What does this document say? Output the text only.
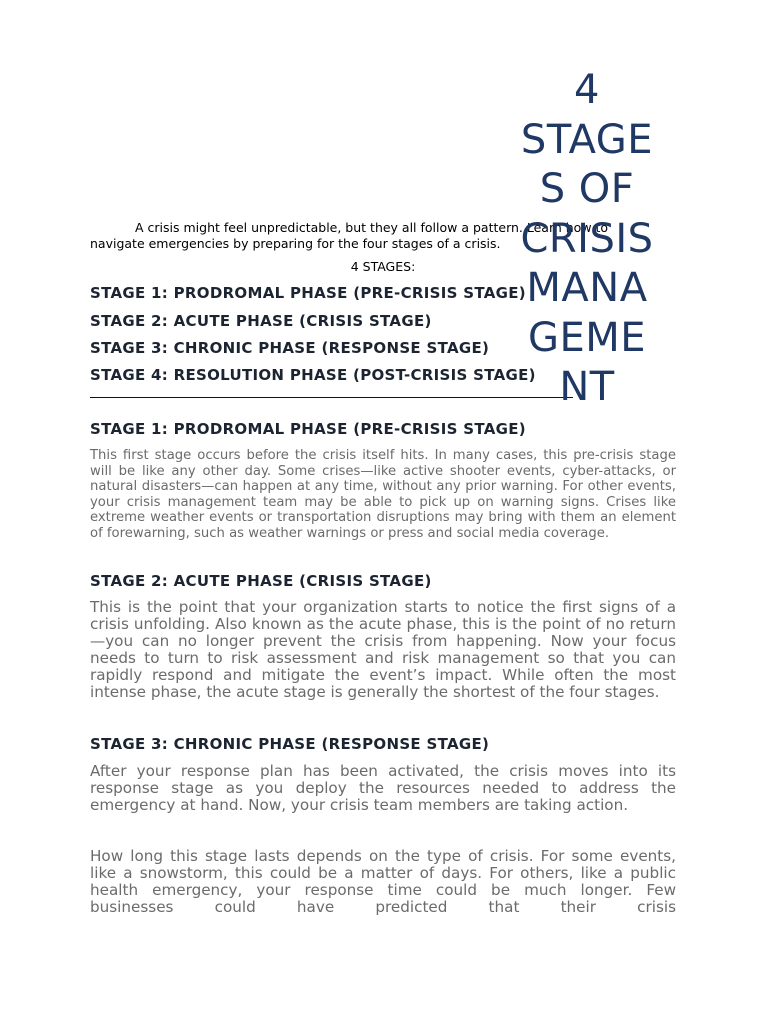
4
STAGE
S OF
CRISIS
MANA
GEME
NT

A crisis might feel unpredictable, but they all follow a pattern. Learn how to navigate emergencies by preparing for the four stages of a crisis.

4 STAGES:

STAGE 1: PRODROMAL PHASE (PRE-CRISIS STAGE)

STAGE 2: ACUTE PHASE (CRISIS STAGE)

STAGE 3: CHRONIC PHASE (RESPONSE STAGE)

STAGE 4: RESOLUTION PHASE (POST-CRISIS STAGE)

STAGE 1: PRODROMAL PHASE (PRE-CRISIS STAGE)

This first stage occurs before the crisis itself hits. In many cases, this pre-crisis stage will be like any other day. Some crises—like active shooter events, cyber-attacks, or natural disasters—can happen at any time, without any prior warning. For other events, your crisis management team may be able to pick up on warning signs. Crises like extreme weather events or transportation disruptions may bring with them an element of forewarning, such as weather warnings or press and social media coverage.

STAGE 2: ACUTE PHASE (CRISIS STAGE)

This is the point that your organization starts to notice the first signs of a crisis unfolding. Also known as the acute phase, this is the point of no return—you can no longer prevent the crisis from happening. Now your focus needs to turn to risk assessment and risk management so that you can rapidly respond and mitigate the event’s impact. While often the most intense phase, the acute stage is generally the shortest of the four stages.

STAGE 3: CHRONIC PHASE (RESPONSE STAGE)

After your response plan has been activated, the crisis moves into its response stage as you deploy the resources needed to address the emergency at hand. Now, your crisis team members are taking action.

How long this stage lasts depends on the type of crisis. For some events, like a snowstorm, this could be a matter of days. For others, like a public health emergency, your response time could be much longer. Few businesses could have predicted that their crisis
